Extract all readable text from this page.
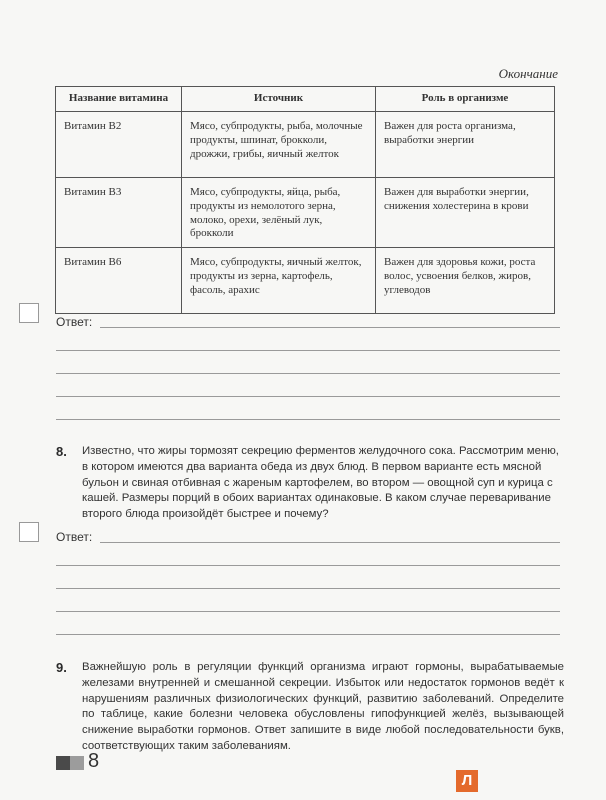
Окончание
Название витамина	Источник	Роль в организме
Витамин В2	Мясо, субпродукты, рыба, молочные продукты, шпинат, брокколи, дрожжи, грибы, яичный желток	Важен для роста организма, выработки энергии
Витамин В3	Мясо, субпродукты, яйца, рыба, продукты из немолотого зерна, молоко, орехи, зелёный лук, брокколи	Важен для выработки энергии, снижения холестерина в крови
Витамин В6	Мясо, субпродукты, яичный желток, продукты из зерна, картофель, фасоль, арахис	Важен для здоровья кожи, роста волос, усвоения белков, жиров, углеводов
Ответ:
8. Известно, что жиры тормозят секрецию ферментов желудочного сока. Рассмотрим меню, в котором имеются два варианта обеда из двух блюд. В первом варианте есть мясной бульон и свиная отбивная с жареным картофелем, во втором — овощной суп и курица с кашей. Размеры порций в обоих вариантах одинаковые. В каком случае переваривание второго блюда произойдёт быстрее и почему?
Ответ:
9. Важнейшую роль в регуляции функций организма играют гормоны, вырабатываемые железами внутренней и смешанной секреции. Избыток или недостаток гормонов ведёт к нарушениям различных физиологических функций, развитию заболеваний. Определите по таблице, какие болезни человека обусловлены гипофункцией желёз, вызывающей снижение выработки гормонов. Ответ запишите в виде любой последовательности букв, соответствующих таким заболеваниям.
8
Л
